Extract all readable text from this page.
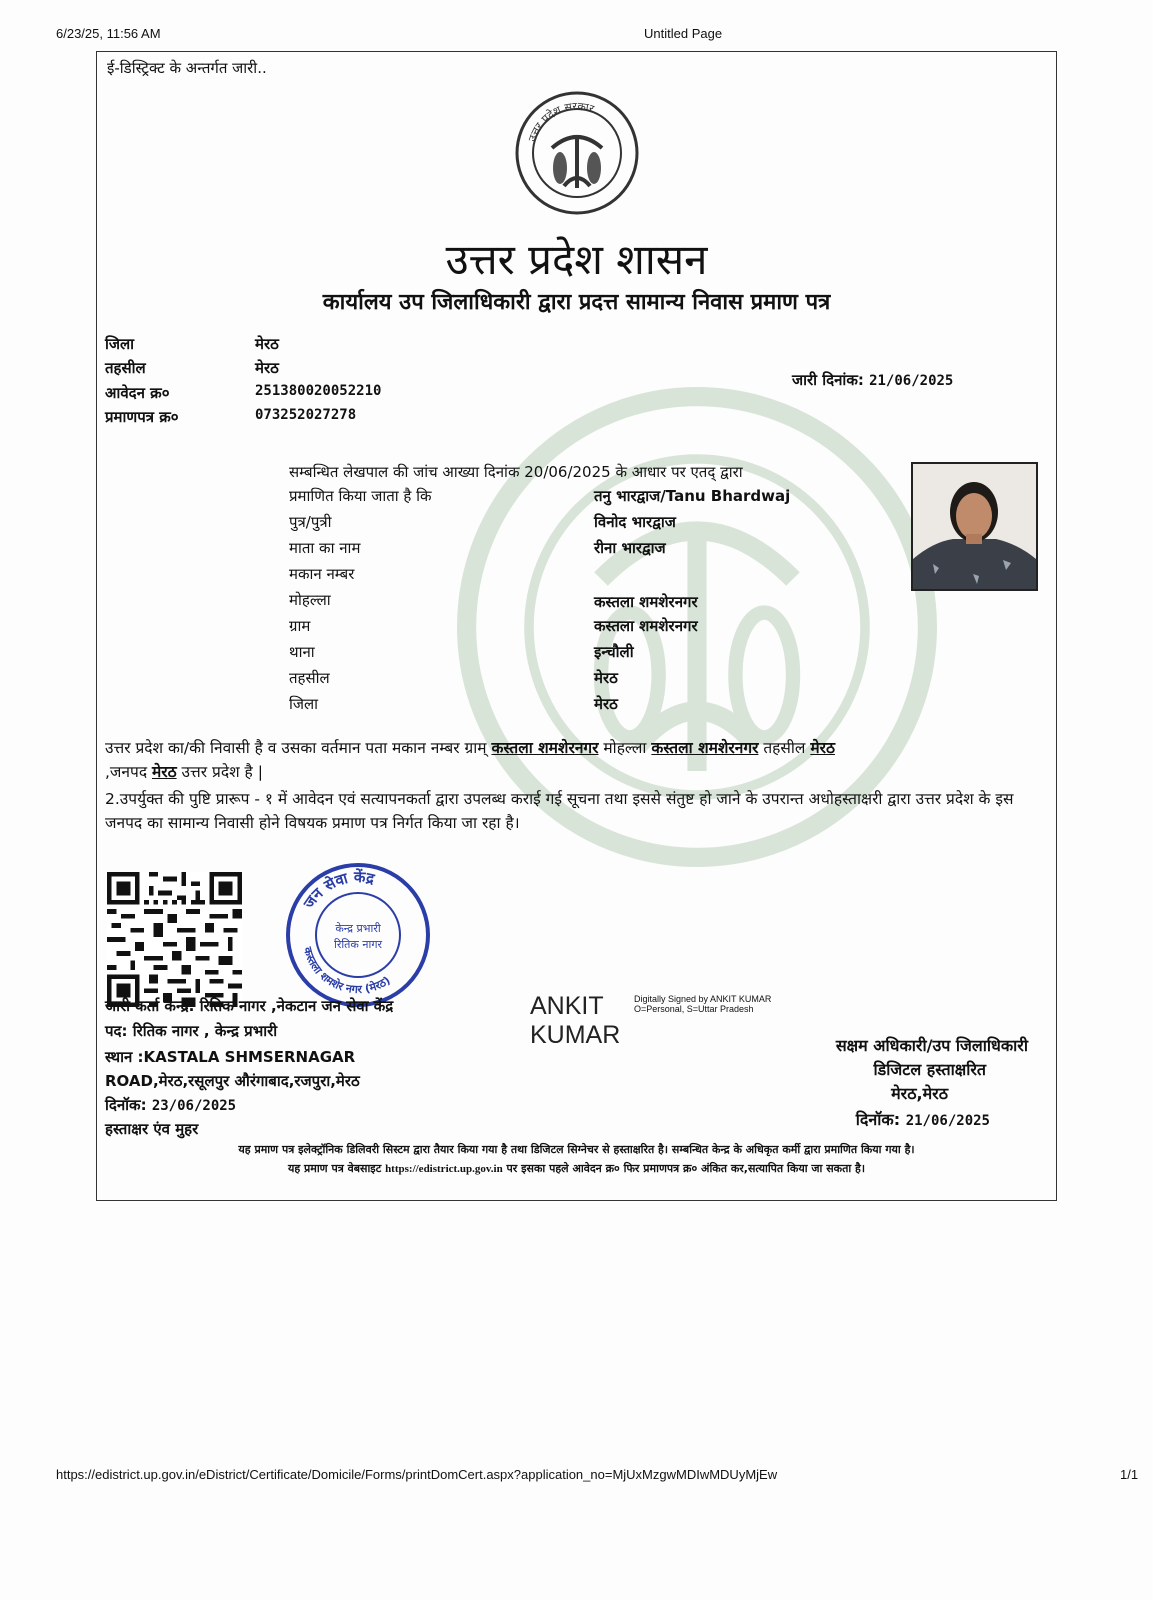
6/23/25, 11:56 AM	Untitled Page
ई-डिस्ट्रिक्ट के अन्तर्गत जारी..
उत्तर प्रदेश सरकार
उत्तर प्रदेश शासन
कार्यालय उप जिलाधिकारी द्वारा प्रदत्त सामान्य निवास प्रमाण पत्र
जिला	मेरठ
तहसील	मेरठ
आवेदन क्र०	25138002005221​0
प्रमाणपत्र क्र०	073252027278
जारी दिनांक: 21/06/2025
सम्बन्धित लेखपाल की जांच आख्या दिनांक 20/06/2025 के आधार पर एतद् द्वारा
प्रमाणित किया जाता है कि	तनु भारद्वाज/Tanu Bhardwaj
पुत्र/पुत्री	विनोद भारद्वाज
माता का नाम	रीना भारद्वाज
मकान नम्बर
मोहल्ला	कस्तला शमशेरनगर
ग्राम	कस्तला शमशेरनगर
थाना	इन्चौली
तहसील	मेरठ
जिला	मेरठ
उत्तर प्रदेश का/की निवासी है व उसका वर्तमान पता मकान नम्बर ग्राम् कस्तला शमशेरनगर मोहल्ला कस्तला शमशेरनगर तहसील मेरठ
,जनपद मेरठ उत्तर प्रदेश है |
2.उपर्युक्त की पुष्टि प्रारूप - १ में आवेदन एवं सत्यापनकर्ता द्वारा उपलब्ध कराई गई सूचना तथा इससे संतुष्ट हो जाने के उपरान्त अधोहस्ताक्षरी द्वारा उत्तर प्रदेश के इस जनपद का सामान्य निवासी होने विषयक प्रमाण पत्र निर्गत किया जा रहा है।
जन सेवा केंद्र
कस्तला शमशेर नगर (मेरठ)
केन्द्र प्रभारी
रितिक नागर
जारी कर्ता केन्द्र: रितिक नागर ,नेकटान जन सेवा केंद्र
पद: रितिक नागर , केन्द्र प्रभारी
स्थान :KASTALA SHMSERNAGAR
ROAD,मेरठ,रसूलपुर औरंगाबाद,रजपुरा,मेरठ
दिनॉक: 23/06/2025
हस्ताक्षर एंव मुहर
ANKIT
KUMAR
Digitally Signed by ANKIT KUMAR O=Personal, S=Uttar Pradesh
सक्षम अधिकारी/उप जिलाधिकारी
डिजिटल हस्ताक्षरित
मेरठ,मेरठ
दिनॉक: 21/06/2025
यह प्रमाण पत्र इलेक्ट्रॉनिक डिलिवरी सिस्टम द्वारा तैयार किया गया है तथा डिजिटल सिग्नेचर से हस्ताक्षरित है। सम्बन्धित केन्द्र के अधिकृत कर्मी द्वारा प्रमाणित किया गया है।
यह प्रमाण पत्र वेबसाइट https://edistrict.up.gov.in पर इसका पहले आवेदन क्र० फिर प्रमाणपत्र क्र० अंकित कर,सत्यापित किया जा सकता है।
https://edistrict.up.gov.in/eDistrict/Certificate/Domicile/Forms/printDomCert.aspx?application_no=MjUxMzgwMDIwMDUyMjEw	1/1
